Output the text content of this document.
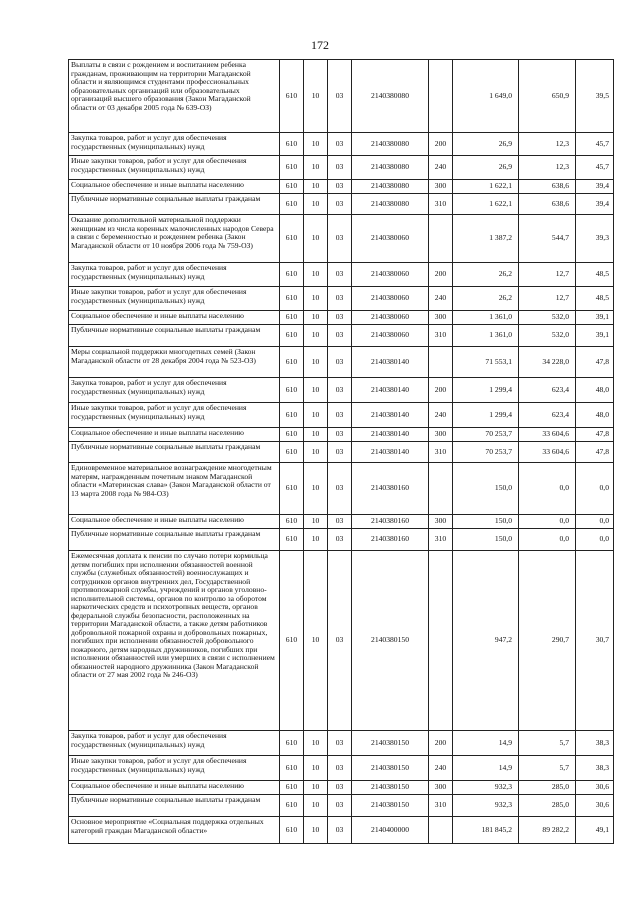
172
Выплаты в связи с рождением и воспитанием ребенка гражданам, проживающим на территории Магаданской области и являющимся студентами профессиональных образовательных организаций или образовательных организаций высшего образования (Закон Магаданской области от 03 декабря 2005 года № 639-ОЗ)	610	10	03	2140380080		1 649,0	650,9	39,5
Закупка товаров, работ и услуг для обеспечения государственных (муниципальных) нужд	610	10	03	2140380080	200	26,9	12,3	45,7
Иные закупки товаров, работ и услуг для обеспечения государственных (муниципальных) нужд	610	10	03	2140380080	240	26,9	12,3	45,7
Социальное обеспечение и иные выплаты населению	610	10	03	2140380080	300	1 622,1	638,6	39,4
Публичные нормативные социальные выплаты гражданам	610	10	03	2140380080	310	1 622,1	638,6	39,4
Оказание дополнительной материальной поддержки женщинам из числа коренных малочисленных народов Севера в связи с беременностью и рождением ребенка (Закон Магаданской области от 10 ноября 2006 года № 759-ОЗ)	610	10	03	2140380060		1 387,2	544,7	39,3
Закупка товаров, работ и услуг для обеспечения государственных (муниципальных) нужд	610	10	03	2140380060	200	26,2	12,7	48,5
Иные закупки товаров, работ и услуг для обеспечения государственных (муниципальных) нужд	610	10	03	2140380060	240	26,2	12,7	48,5
Социальное обеспечение и иные выплаты населению	610	10	03	2140380060	300	1 361,0	532,0	39,1
Публичные нормативные социальные выплаты гражданам	610	10	03	2140380060	310	1 361,0	532,0	39,1
Меры социальной поддержки многодетных семей (Закон Магаданской области от 28 декабря 2004 года № 523-ОЗ)	610	10	03	2140380140		71 553,1	34 228,0	47,8
Закупка товаров, работ и услуг для обеспечения государственных (муниципальных) нужд	610	10	03	2140380140	200	1 299,4	623,4	48,0
Иные закупки товаров, работ и услуг для обеспечения государственных (муниципальных) нужд	610	10	03	2140380140	240	1 299,4	623,4	48,0
Социальное обеспечение и иные выплаты населению	610	10	03	2140380140	300	70 253,7	33 604,6	47,8
Публичные нормативные социальные выплаты гражданам	610	10	03	2140380140	310	70 253,7	33 604,6	47,8
Единовременное материальное вознаграждение многодетным матерям, награжденным почетным знаком Магаданской области «Материнская слава» (Закон Магаданской области от 13 марта 2008 года № 984-ОЗ)	610	10	03	2140380160		150,0	0,0	0,0
Социальное обеспечение и иные выплаты населению	610	10	03	2140380160	300	150,0	0,0	0,0
Публичные нормативные социальные выплаты гражданам	610	10	03	2140380160	310	150,0	0,0	0,0
Ежемесячная доплата к пенсии по случаю потери кормильца детям погибших при исполнении обязанностей военной службы (служебных обязанностей) военнослужащих и сотрудников органов внутренних дел, Государственной противопожарной службы, учреждений и органов уголовно-исполнительной системы, органов по контролю за оборотом наркотических средств и психотропных веществ, органов федеральной службы безопасности, расположенных на территории Магаданской области, а также детям работников добровольной пожарной охраны и добровольных пожарных, погибших при исполнении обязанностей добровольного пожарного, детям народных дружинников, погибших при исполнении обязанностей или умерших в связи с исполнением обязанностей народного дружинника (Закон Магаданской области от 27 мая 2002 года № 246-ОЗ)	610	10	03	2140380150		947,2	290,7	30,7
Закупка товаров, работ и услуг для обеспечения государственных (муниципальных) нужд	610	10	03	2140380150	200	14,9	5,7	38,3
Иные закупки товаров, работ и услуг для обеспечения государственных (муниципальных) нужд	610	10	03	2140380150	240	14,9	5,7	38,3
Социальное обеспечение и иные выплаты населению	610	10	03	2140380150	300	932,3	285,0	30,6
Публичные нормативные социальные выплаты гражданам	610	10	03	2140380150	310	932,3	285,0	30,6
Основное мероприятие «Социальная поддержка отдельных категорий граждан Магаданской области»	610	10	03	2140400000		181 845,2	89 282,2	49,1
